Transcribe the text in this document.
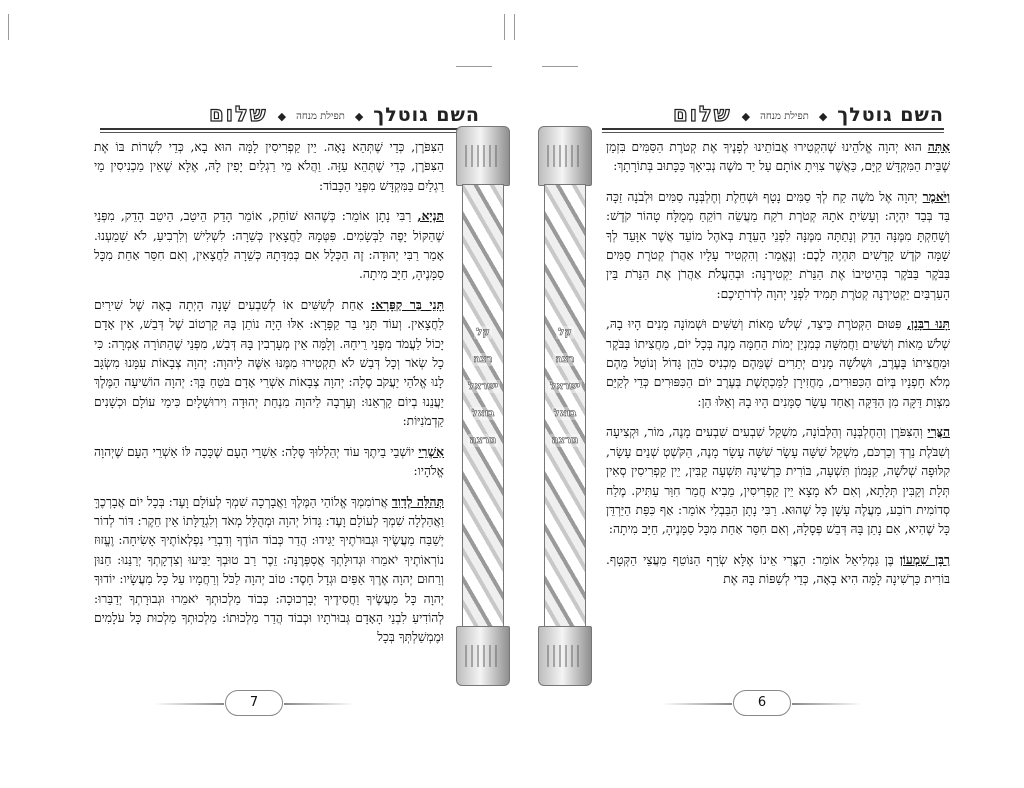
השם גוטלך
◆
תפילת מנחה
◆
שלום

הַצִּפֹּרֶן, כְּדֵי שֶׁתְּהֵא נָאָה. יֵין קַפְרִיסִין לָמָּה הוּא בָא, כְּדֵי לִשְׁרוֹת בּוֹ אֶת הַצִּפֹּרֶן, כְּדֵי שֶׁתְּהֵא עַזָּה. וַהֲלֹא מֵי רַגְלַיִם יָפִין לָהּ, אֶלָּא שֶׁאֵין מַכְנִיסִין מֵי רַגְלַיִם בַּמִּקְדָּשׁ מִפְּנֵי הַכָּבוֹד:

תַּנְיָא, רַבִּי נָתָן אוֹמֵר: כְּשֶׁהוּא שׁוֹחֵק, אוֹמֵר הָדֵק הֵיטֵב, הֵיטֵב הָדֵק, מִפְּנֵי שֶׁהַקּוֹל יָפֶה לַבְּשָׂמִים. פִּטְּמָהּ לַחֲצָאִין כְּשֵׁרָה: לִשְׁלִישׁ וְלִרְבִיעַ, לֹא שָׁמַעְנוּ. אָמַר רַבִּי יְהוּדָה: זֶה הַכְּלָל אִם כְּמִדָּתָהּ כְּשֵׁרָה לַחֲצָאִין, וְאִם חִסֵּר אַחַת מִכָּל סַמָּנֶיהָ, חַיָּב מִיתָה.

תָּנֵי בַּר קַפָּרָא: אַחַת לְשִׁשִּׁים אוֹ לְשִׁבְעִים שָׁנָה הָיְתָה בָאָה שֶׁל שִׁירַיִם לַחֲצָאִין. וְעוֹד תָּנֵי בַּר קַפָּרָא: אִלּוּ הָיָה נוֹתֵן בָּהּ קָרְטוֹב שֶׁל דְּבַשׁ, אֵין אָדָם יָכוֹל לַעֲמֹד מִפְּנֵי רֵיחָהּ. וְלָמָּה אֵין מְעָרְבִין בָּהּ דְּבַשׁ, מִפְּנֵי שֶׁהַתּוֹרָה אָמְרָה: כִּי כָל שְׂאֹר וְכָל דְּבַשׁ לֹא תַקְטִירוּ מִמֶּנּוּ אִשֶּׁה לַיהוָה: יְהוָה צְבָאוֹת עִמָּנוּ מִשְׂגָּב לָנוּ אֱלֹהֵי יַעֲקֹב סֶלָה: יְהוָה צְבָאוֹת אַשְׁרֵי אָדָם בֹּטֵחַ בָּךְ: יְהוָה הוֹשִׁיעָה הַמֶּלֶךְ יַעֲנֵנוּ בְיוֹם קָרְאֵנוּ: וְעָרְבָה לַיהוָה מִנְחַת יְהוּדָה וִירוּשָׁלָיִם כִּימֵי עוֹלָם וּכְשָׁנִים קַדְמֹנִיּוֹת:

אַשְׁרֵי יוֹשְׁבֵי בֵיתֶךָ עוֹד יְהַלְלוּךָ סֶּלָה: אַשְׁרֵי הָעָם שֶׁכָּכָה לּוֹ אַשְׁרֵי הָעָם שֶׁיְהוָה אֱלֹהָיו:

תְּהִלָּה לְדָוִד אֲרוֹמִמְךָ אֱלוֹהַי הַמֶּלֶךְ וַאֲבָרְכָה שִׁמְךָ לְעוֹלָם וָעֶד: בְּכָל יוֹם אֲבָרְכֶךָּ וַאֲהַלְלָה שִׁמְךָ לְעוֹלָם וָעֶד: גָּדוֹל יְהוָה וּמְהֻלָּל מְאֹד וְלִגְדֻלָּתוֹ אֵין חֵקֶר: דּוֹר לְדוֹר יְשַׁבַּח מַעֲשֶׂיךָ וּגְבוּרֹתֶיךָ יַגִּידוּ: הֲדַר כְּבוֹד הוֹדֶךָ וְדִבְרֵי נִפְלְאוֹתֶיךָ אָשִׂיחָה: וֶעֱזוּז נוֹרְאוֹתֶיךָ יֹאמֵרוּ וּגְדוּלָּתְךָ אֲסַפְּרֶנָּה: זֵכֶר רַב טוּבְךָ יַבִּיעוּ וְצִדְקָתְךָ יְרַנֵּנוּ: חַנּוּן וְרַחוּם יְהוָה אֶרֶךְ אַפַּיִם וּגְדָל חָסֶד: טוֹב יְהוָה לַכֹּל וְרַחֲמָיו עַל כָּל מַעֲשָׂיו: יוֹדוּךָ יְהוָה כָּל מַעֲשֶׂיךָ וַחֲסִידֶיךָ יְבָרְכוּכָה: כְּבוֹד מַלְכוּתְךָ יֹאמֵרוּ וּגְבוּרָתְךָ יְדַבֵּרוּ: לְהוֹדִיעַ לִבְנֵי הָאָדָם גְּבוּרֹתָיו וּכְבוֹד הֲדַר מַלְכוּתוֹ: מַלְכוּתְךָ מַלְכוּת כָּל עֹלָמִים וּמֶמְשַׁלְתְּךָ בְּכָל

קל
רצה
ישראל
בואל
מרצה
7
השם גוטלך
◆
תפילת מנחה
◆
שלום
קל
רצה
ישראל
בואל
מרצה

אַתָּה הוּא יְהוָה אֱלֹהֵינוּ שֶׁהִקְטִירוּ אֲבוֹתֵינוּ לְפָנֶיךָ אֶת קְטֹרֶת הַסַּמִּים בִּזְמַן שֶׁבֵּית הַמִּקְדָּשׁ קַיָּם, כַּאֲשֶׁר צִוִּיתָ אוֹתָם עַל יַד מֹשֶׁה נְבִיאָךְ כַּכָּתוּב בְּתוֹרָתָךְ:

וַיֹּאמֶר יְהוָה אֶל מֹשֶׁה קַח לְךָ סַמִּים נָטָף וּשְׁחֵלֶת וְחֶלְבְּנָה סַמִּים וּלְבֹנָה זַכָּה בַּד בְּבַד יִהְיֶה: וְעָשִׂיתָ אֹתָהּ קְטֹרֶת רֹקַח מַעֲשֵׂה רוֹקֵחַ מְמֻלָּח טָהוֹר קֹדֶשׁ: וְשָׁחַקְתָּ מִמֶּנָּה הָדֵק וְנָתַתָּה מִמֶּנָּה לִפְנֵי הָעֵדֻת בְּאֹהֶל מוֹעֵד אֲשֶׁר אִוָּעֵד לְךָ שָׁמָּה קֹדֶשׁ קָדָשִׁים תִּהְיֶה לָכֶם: וְנֶאֱמַר: וְהִקְטִיר עָלָיו אַהֲרֹן קְטֹרֶת סַמִּים בַּבֹּקֶר בַּבֹּקֶר בְּהֵיטִיבוֹ אֶת הַנֵּרֹת יַקְטִירֶנָּה: וּבְהַעֲלֹת אַהֲרֹן אֶת הַנֵּרֹת בֵּין הָעַרְבַּיִם יַקְטִירֶנָּה קְטֹרֶת תָּמִיד לִפְנֵי יְהוָה לְדֹרֹתֵיכֶם:

תָּנוּ רַבָּנָן, פִּטּוּם הַקְּטֹרֶת כֵּיצַד, שְׁלֹשׁ מֵאוֹת וְשִׁשִּׁים וּשְׁמוֹנָה מָנִים הָיוּ בָהּ, שְׁלֹשׁ מֵאוֹת וְשִׁשִּׁים וַחֲמִשָּׁה כְּמִנְיַן יְמוֹת הַחַמָּה מָנֶה בְּכָל יוֹם, מַחֲצִיתוֹ בַּבֹּקֶר וּמַחֲצִיתוֹ בָּעֶרֶב, וּשְׁלֹשָׁה מָנִים יְתֵרִים שֶׁמֵּהֶם מַכְנִיס כֹּהֵן גָּדוֹל וְנוֹטֵל מֵהֶם מְלֹא חָפְנָיו בְּיוֹם הַכִּפּוּרִים, מַחֲזִירָן לַמַּכְתֶּשֶׁת בְּעֶרֶב יוֹם הַכִּפּוּרִים כְּדֵי לְקַיֵּם מִצְוַת דַּקָּה מִן הַדַּקָּה וְאַחַד עָשָׂר סַמָּנִים הָיוּ בָהּ וְאֵלּוּ הֵן:

הַצֳּרִי וְהַצִּפֹּרֶן וְהַחֶלְבְּנָה וְהַלְּבוֹנָה, מִשְׁקַל שִׁבְעִים שִׁבְעִים מָנֶה, מוֹר, וּקְצִיעָה וְשִׁבֹּלֶת נֵרְדְּ וְכַרְכֹּם, מִשְׁקַל שִׁשָּׁה עָשָׂר שִׁשָּׁה עָשָׂר מָנֶה, הַקֹּשְׁטְ שְׁנֵים עָשָׂר, קִלּוּפָה שְׁלֹשָׁה, קִנָּמוֹן תִּשְׁעָה, בּוֹרִית כַּרְשִׁינָה תִּשְׁעָה קַבִּין, יֵין קַפְרִיסִין סְאִין תְּלָת וְקַבִּין תְּלָתָא, וְאִם לֹא מָצָא יֵין קַפְרִיסִין, מֵבִיא חֲמַר חִוַּר עַתִּיק. מֶלַח סְדוֹמִית רוֹבַע, מַעֲלֶה עָשָׁן כָּל שֶׁהוּא. רַבִּי נָתָן הַבַּבְלִי אוֹמֵר: אַף כִּפַּת הַיַּרְדֵּן כָּל שֶׁהִיא, אִם נָתַן בָּהּ דְּבַשׁ פְּסָלָהּ, וְאִם חִסֵּר אַחַת מִכָּל סַמָּנֶיהָ, חַיָּב מִיתָה:

רַבָּן שִׁמְעוֹן בֶּן גַּמְלִיאֵל אוֹמֵר: הַצֳּרִי אֵינוֹ אֶלָּא שְׂרָף הַנּוֹטֵף מֵעֲצֵי הַקְּטָף. בּוֹרִית כַּרְשִׁינָה לָמָּה הִיא בָאָה, כְּדֵי לְשַׁפּוֹת בָּהּ אֶת

6
